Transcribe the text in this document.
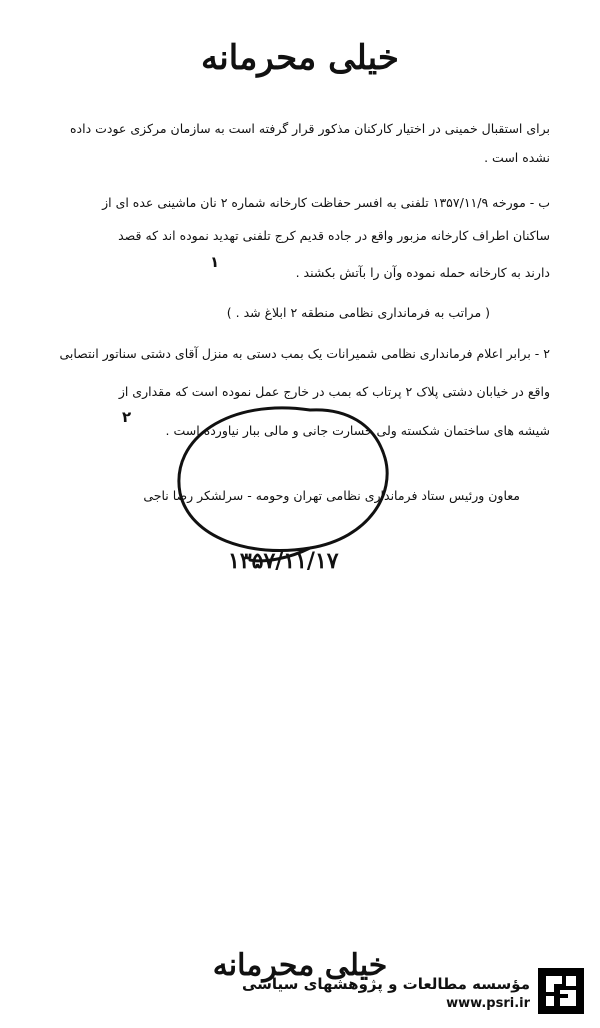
خیلی محرمانه
برای استقبال خمینی در اختیار کارکنان مذکور قرار گرفته است به سازمان مرکزی عودت داده
نشده است .
ب - مورخه ۱۳۵۷/۱۱/۹ تلفنی به افسر حفاظت کارخانه شماره ۲ نان ماشینی عده ای از
ساکنان اطراف کارخانه مزبور واقع در جاده قدیم کرج تلفنی تهدید نموده اند که قصد
دارند به کارخانه حمله نموده وآن را بآتش بکشند .
( مراتب به فرمانداری نظامی منطقه ۲ ابلاغ شد . )
۲ - برابر اعلام فرمانداری نظامی شمیرانات یک بمب دستی به منزل آقای دشتی سناتور انتصابی
واقع در خیابان دشتی پلاک ۲ پرتاب که بمب در خارج عمل نموده است که مقداری از
شیشه های ساختمان شکسته ولی خسارت جانی و مالی ببار نیاورده است .
معاون ورئیس ستاد فرمانداری نظامی تهران وحومه - سرلشکر رضا ناجی
۱
۲
۱۳۵۷/۱۱/۱۷
خیلی محرمانه
مؤسسه مطالعات و پژوهشهای سیاسی
www.psri.ir
